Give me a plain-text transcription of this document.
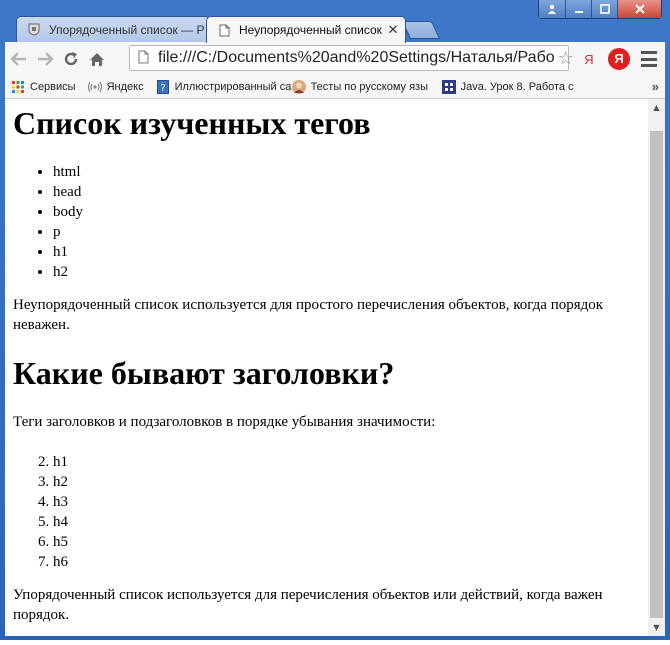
Упорядоченный список — Р	Неупорядоченный список ✕
file:///C:/Documents%20and%20Settings/Наталья/Рабо ☆ Я	Я
Сервисы	Яндекс ? Иллюстрированный са Тесты по русскому язы	Java. Урок 8. Работа с	»
Список изученных тегов
• html
• head
• body
• p
• h1
• h2

Неупорядоченный список используется для простого перечисления объектов, когда порядок неважен.

Какие бывают заголовки?

Теги заголовков и подзаголовков в порядке убывания значимости:

2. h1
3. h2
4. h3
5. h4
6. h5
7. h6

Упорядоченный список используется для перечисления объектов или действий, когда важен порядок.

▲
▼
